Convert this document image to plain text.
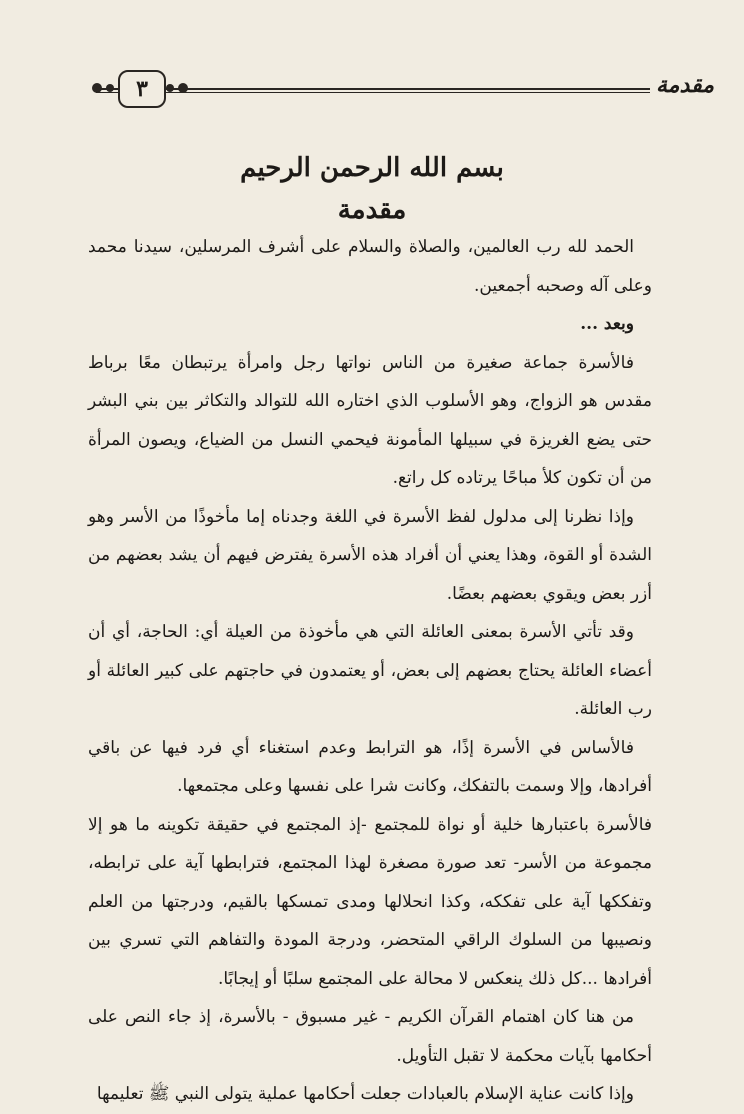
٣	مقدمة
بسم الله الرحمن الرحيم
مقدمة

الحمد لله رب العالمين، والصلاة والسلام على أشرف المرسلين، سيدنا محمد وعلى آله وصحبه أجمعين.

وبعد ...

فالأسرة جماعة صغيرة من الناس نواتها رجل وامرأة يرتبطان معًا برباط مقدس هو الزواج، وهو الأسلوب الذي اختاره الله للتوالد والتكاثر بين بني البشر حتى يضع الغريزة في سبيلها المأمونة فيحمي النسل من الضياع، ويصون المرأة من أن تكون كلأ مباحًا يرتاده كل راتع.

وإذا نظرنا إلى مدلول لفظ الأسرة في اللغة وجدناه إما مأخوذًا من الأسر وهو الشدة أو القوة، وهذا يعني أن أفراد هذه الأسرة يفترض فيهم أن يشد بعضهم من أزر بعض ويقوي بعضهم بعضًا.

وقد تأتي الأسرة بمعنى العائلة التي هي مأخوذة من العيلة أي: الحاجة، أي أن أعضاء العائلة يحتاج بعضهم إلى بعض، أو يعتمدون في حاجتهم على كبير العائلة أو رب العائلة.

فالأساس في الأسرة إذًا، هو الترابط وعدم استغناء أي فرد فيها عن باقي أفرادها، وإلا وسمت بالتفكك، وكانت شرا على نفسها وعلى مجتمعها.

فالأسرة باعتبارها خلية أو نواة للمجتمع -إذ المجتمع في حقيقة تكوينه ما هو إلا مجموعة من الأسر- تعد صورة مصغرة لهذا المجتمع، فترابطها آية على ترابطه، وتفككها آية على تفككه، وكذا انحلالها ومدى تمسكها بالقيم، ودرجتها من العلم ونصيبها من السلوك الراقي المتحضر، ودرجة المودة والتفاهم التي تسري بين أفرادها ...كل ذلك ينعكس لا محالة على المجتمع سلبًا أو إيجابًا.

من هنا كان اهتمام القرآن الكريم - غير مسبوق - بالأسرة، إذ جاء النص على أحكامها بآيات محكمة لا تقبل التأويل.

وإذا كانت عناية الإسلام بالعبادات جعلت أحكامها عملية يتولى النبي ﷺ تعليمها
